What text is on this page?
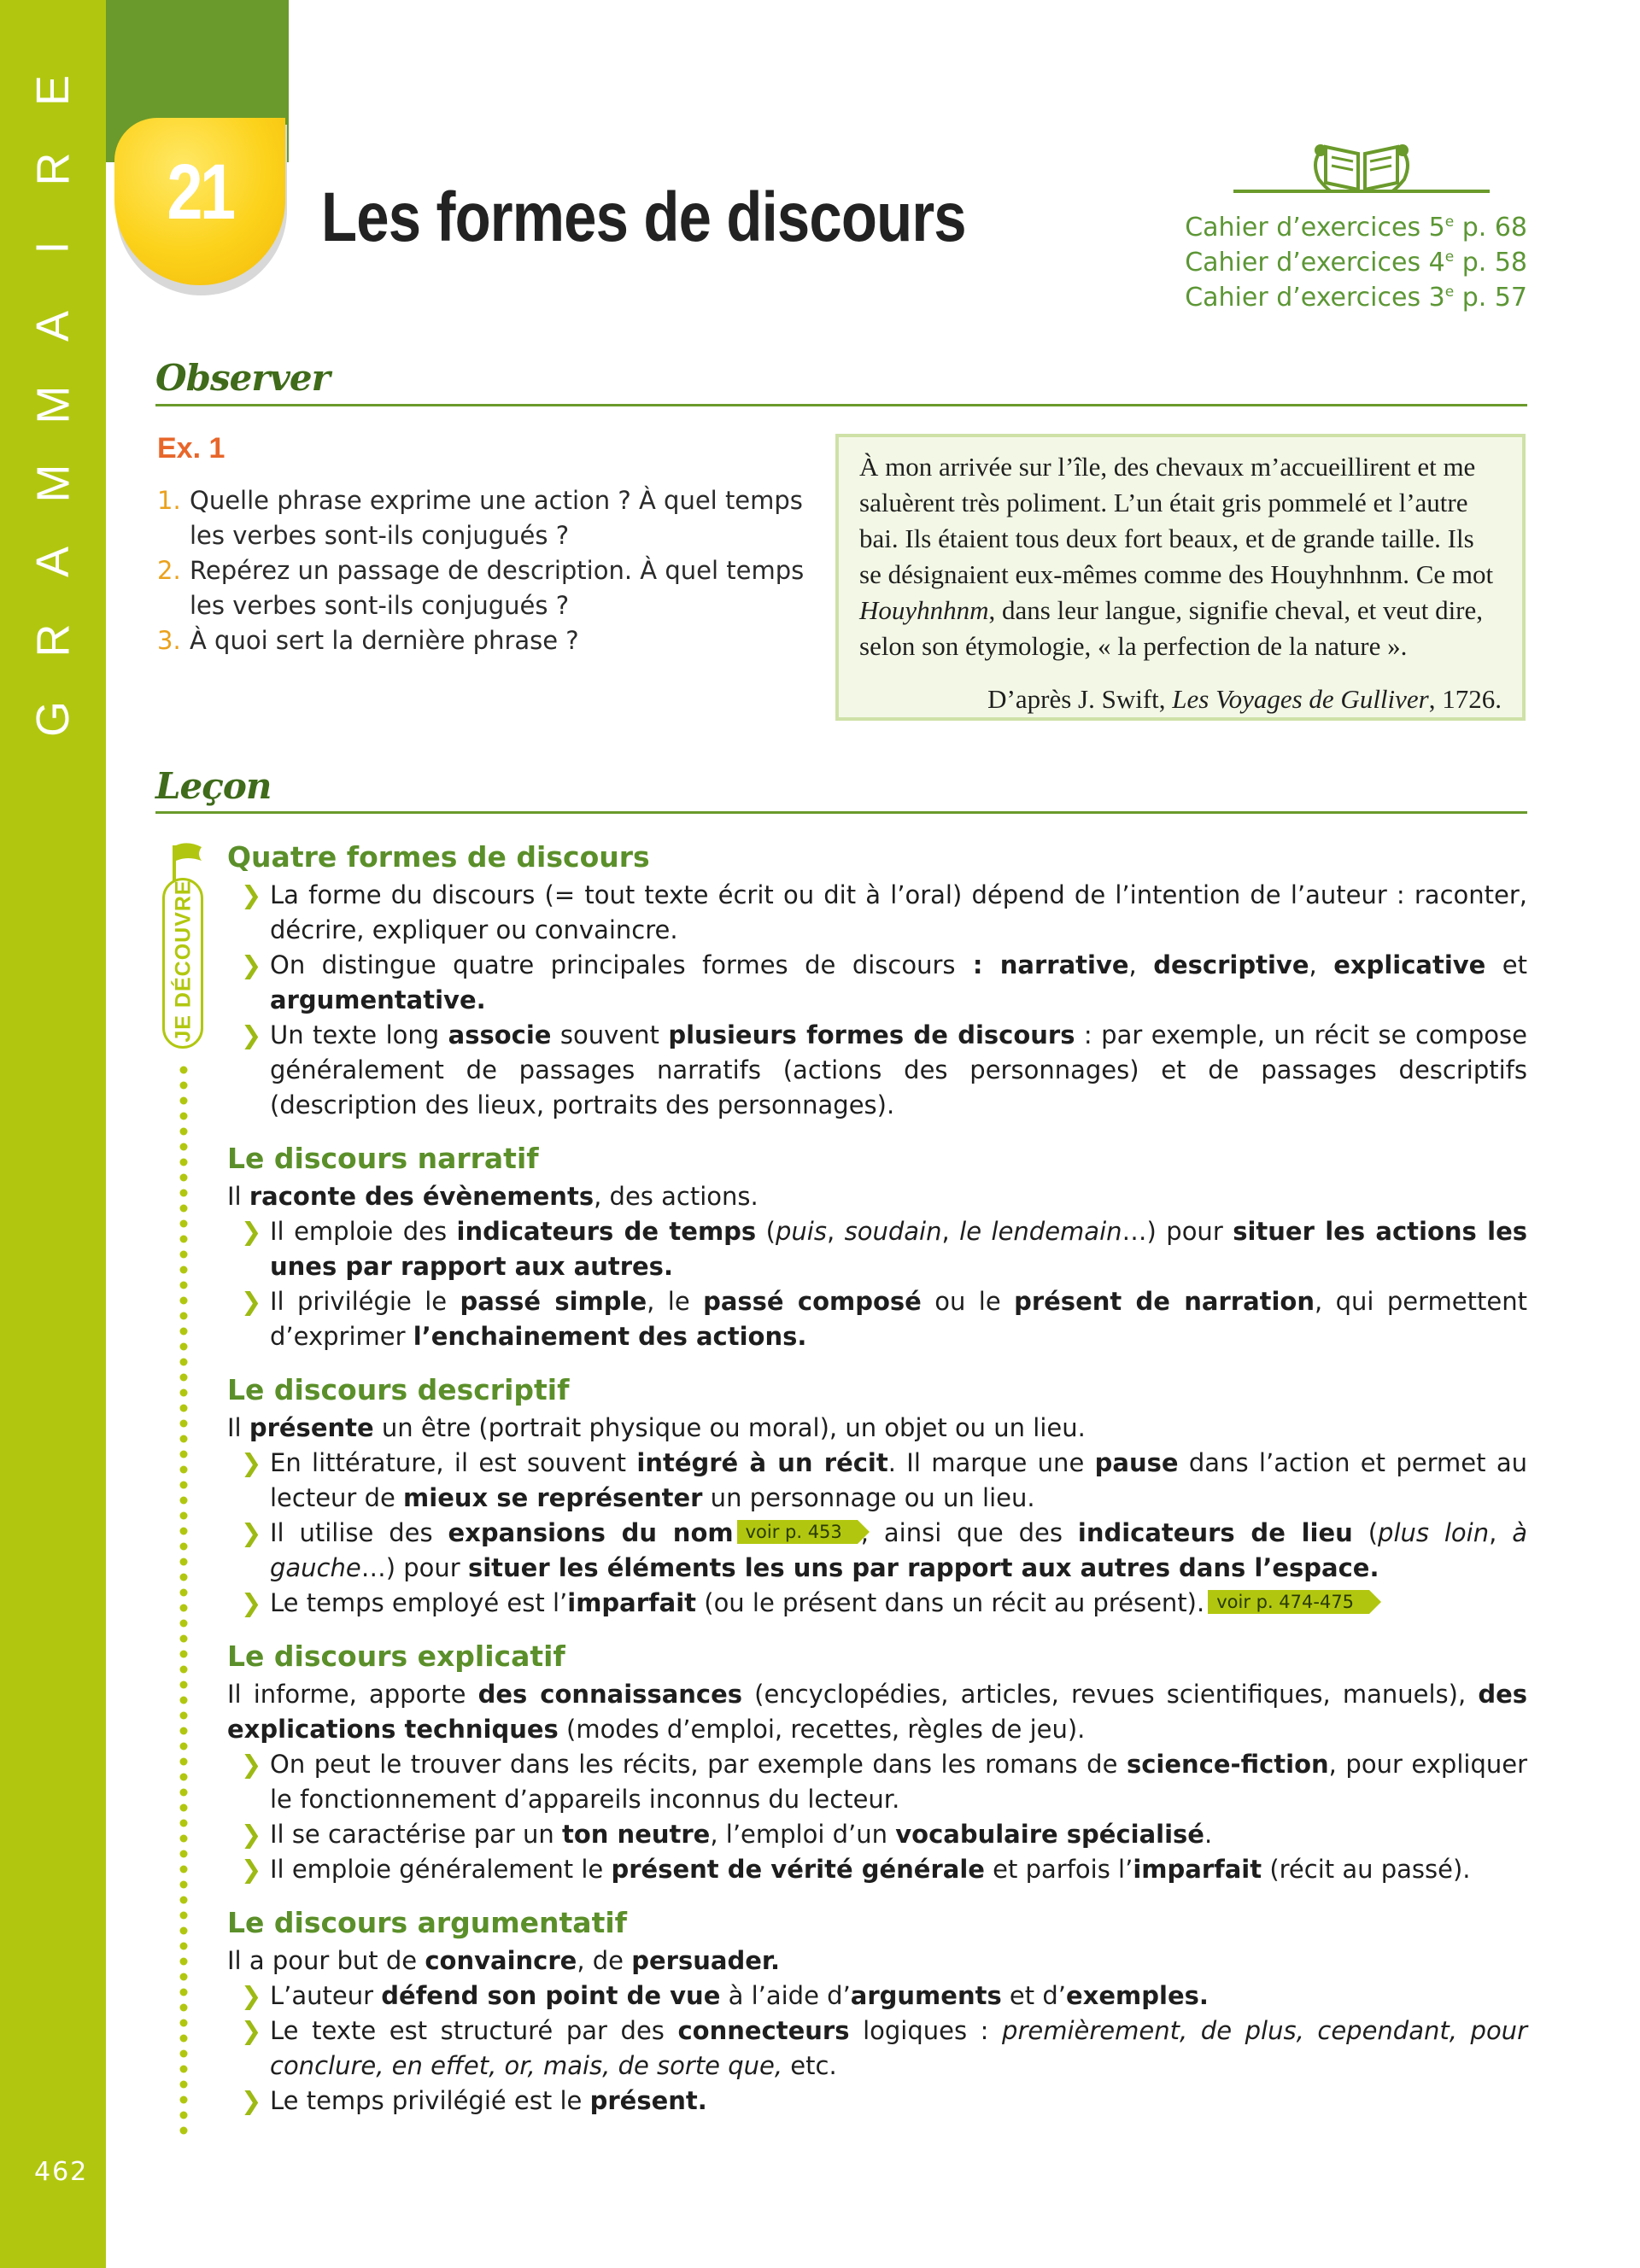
E
R
I
A
M
M
A
R
G
462
21 Les formes de discours	Cahier d’exercices 5e p. 68
Cahier d’exercices 4e p. 58
Cahier d’exercices 3e p. 57
Observer
Ex. 1
1. Quelle phrase exprime une action ? À quel temps les verbes sont-ils conjugués ?
2. Repérez un passage de description. À quel temps les verbes sont-ils conjugués ?
3. À quoi sert la dernière phrase ?
À mon arrivée sur l’île, des chevaux m’accueillirent et me saluèrent très poliment. L’un était gris pommelé et l’autre bai. Ils étaient tous deux fort beaux, et de grande taille. Ils se désignaient eux-mêmes comme des Houyhnhnm. Ce mot Houyhnhnm, dans leur langue, signifie cheval, et veut dire, selon son étymologie, « la perfection de la nature ».
D’après J. Swift, Les Voyages de Gulliver, 1726.
Leçon
JE DÉCOUVRE
Quatre formes de discours
❯ La forme du discours (= tout texte écrit ou dit à l’oral) dépend de l’intention de l’auteur : raconter, décrire, expliquer ou convaincre.
❯ On distingue quatre principales formes de discours : narrative, descriptive, explicative et argumentative.
❯ Un texte long associe souvent plusieurs formes de discours : par exemple, un récit se compose généralement de passages narratifs (actions des personnages) et de passages descriptifs (description des lieux, portraits des personnages).
Le discours narratif
Il raconte des évènements, des actions.
❯ Il emploie des indicateurs de temps (puis, soudain, le lendemain…) pour situer les actions les unes par rapport aux autres.
❯ Il privilégie le passé simple, le passé composé ou le présent de narration, qui permettent d’exprimer l’enchainement des actions.
Le discours descriptif
Il présente un être (portrait physique ou moral), un objet ou un lieu.
❯ En littérature, il est souvent intégré à un récit. Il marque une pause dans l’action et permet au lecteur de mieux se représenter un personnage ou un lieu.
❯ Il utilise des expansions du nom voir p. 453 , ainsi que des indicateurs de lieu (plus loin, à gauche…) pour situer les éléments les uns par rapport aux autres dans l’espace.
❯ Le temps employé est l’imparfait (ou le présent dans un récit au présent). voir p. 474-475
Le discours explicatif
Il informe, apporte des connaissances (encyclopédies, articles, revues scientifiques, manuels), des explications techniques (modes d’emploi, recettes, règles de jeu).
❯ On peut le trouver dans les récits, par exemple dans les romans de science-fiction, pour expliquer le fonctionnement d’appareils inconnus du lecteur.
❯ Il se caractérise par un ton neutre, l’emploi d’un vocabulaire spécialisé.
❯ Il emploie généralement le présent de vérité générale et parfois l’imparfait (récit au passé).
Le discours argumentatif
Il a pour but de convaincre, de persuader.
❯ L’auteur défend son point de vue à l’aide d’arguments et d’exemples.
❯ Le texte est structuré par des connecteurs logiques : premièrement, de plus, cependant, pour conclure, en effet, or, mais, de sorte que, etc.
❯ Le temps privilégié est le présent.
